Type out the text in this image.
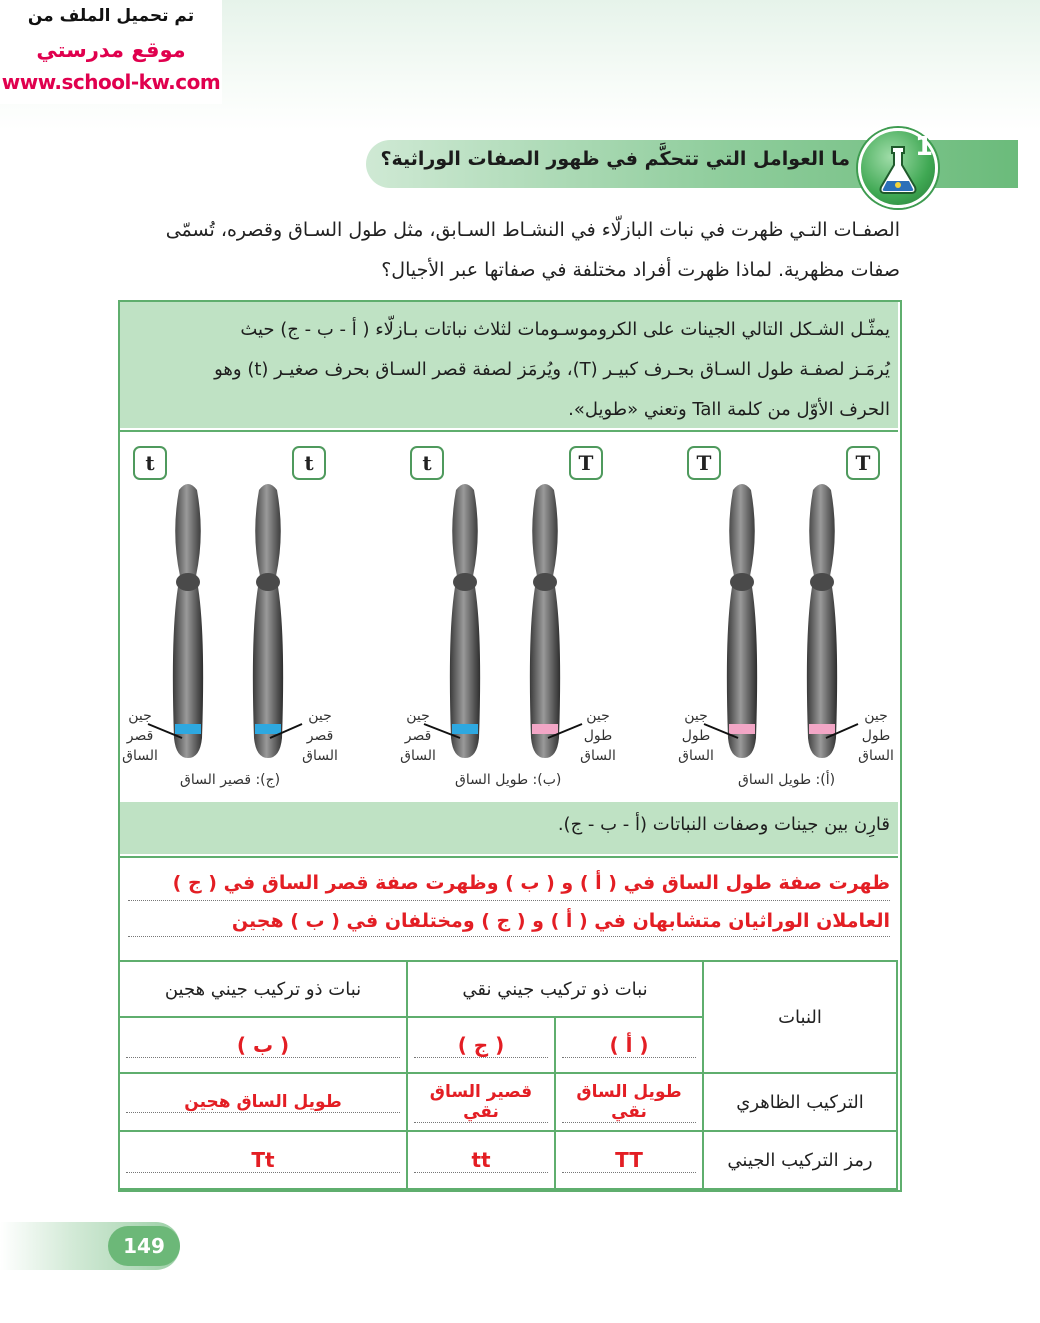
تم تحميل الملف من
موقع مدرستي
www.school-kw.com
ما العوامل التي تتحكَّم في ظهور الصفات الوراثية؟	1
الصفـات التـي ظهرت في نبات البازلّاء في النشـاط السـابق، مثل طول السـاق وقصره، تُسمّى
صفات مظهرية. لماذا ظهرت أفراد مختلفة في صفاتها عبر الأجيال؟
يمثّـل الشـكل التالي الجينات على الكروموسـومات لثلاث نباتات بـازلّاء ( أ - ب - ج) حيث
يُرمَـز لصفـة طول السـاق بحـرف كبيـر (T)، ويُرمَز لصفة قصر السـاق بحرف صغيـر (t) وهو
الحرف الأوّل من كلمة Tall وتعني «طويل».
t	t	t	T	T	T
جين
قصر
الساق
جين
قصر
الساق
جين
قصر
الساق
جين
طول
الساق
جين
طول
الساق
جين
طول
الساق
(ج): قصير الساق	(ب): طويل الساق	(أ): طويل الساق
قارِن بين جينات وصفات النباتات (أ - ب - ج).
ظهرت صفة طول الساق في ( أ ) و ( ب ) وظهرت صفة قصر الساق في ( ج )
العاملان الوراثيان متشابهان في ( أ ) و ( ج ) ومختلفان في ( ب ) هجين
النبات	نبات ذو تركيب جيني نقي		نبات ذو تركيب جيني هجين

	( أ )	( ج )	( ب )

التركيب الظاهري	طويل الساق نقي	قصير الساق نقي	طويل الساق هجين

رمز التركيب الجيني	TT	tt	Tt
149
